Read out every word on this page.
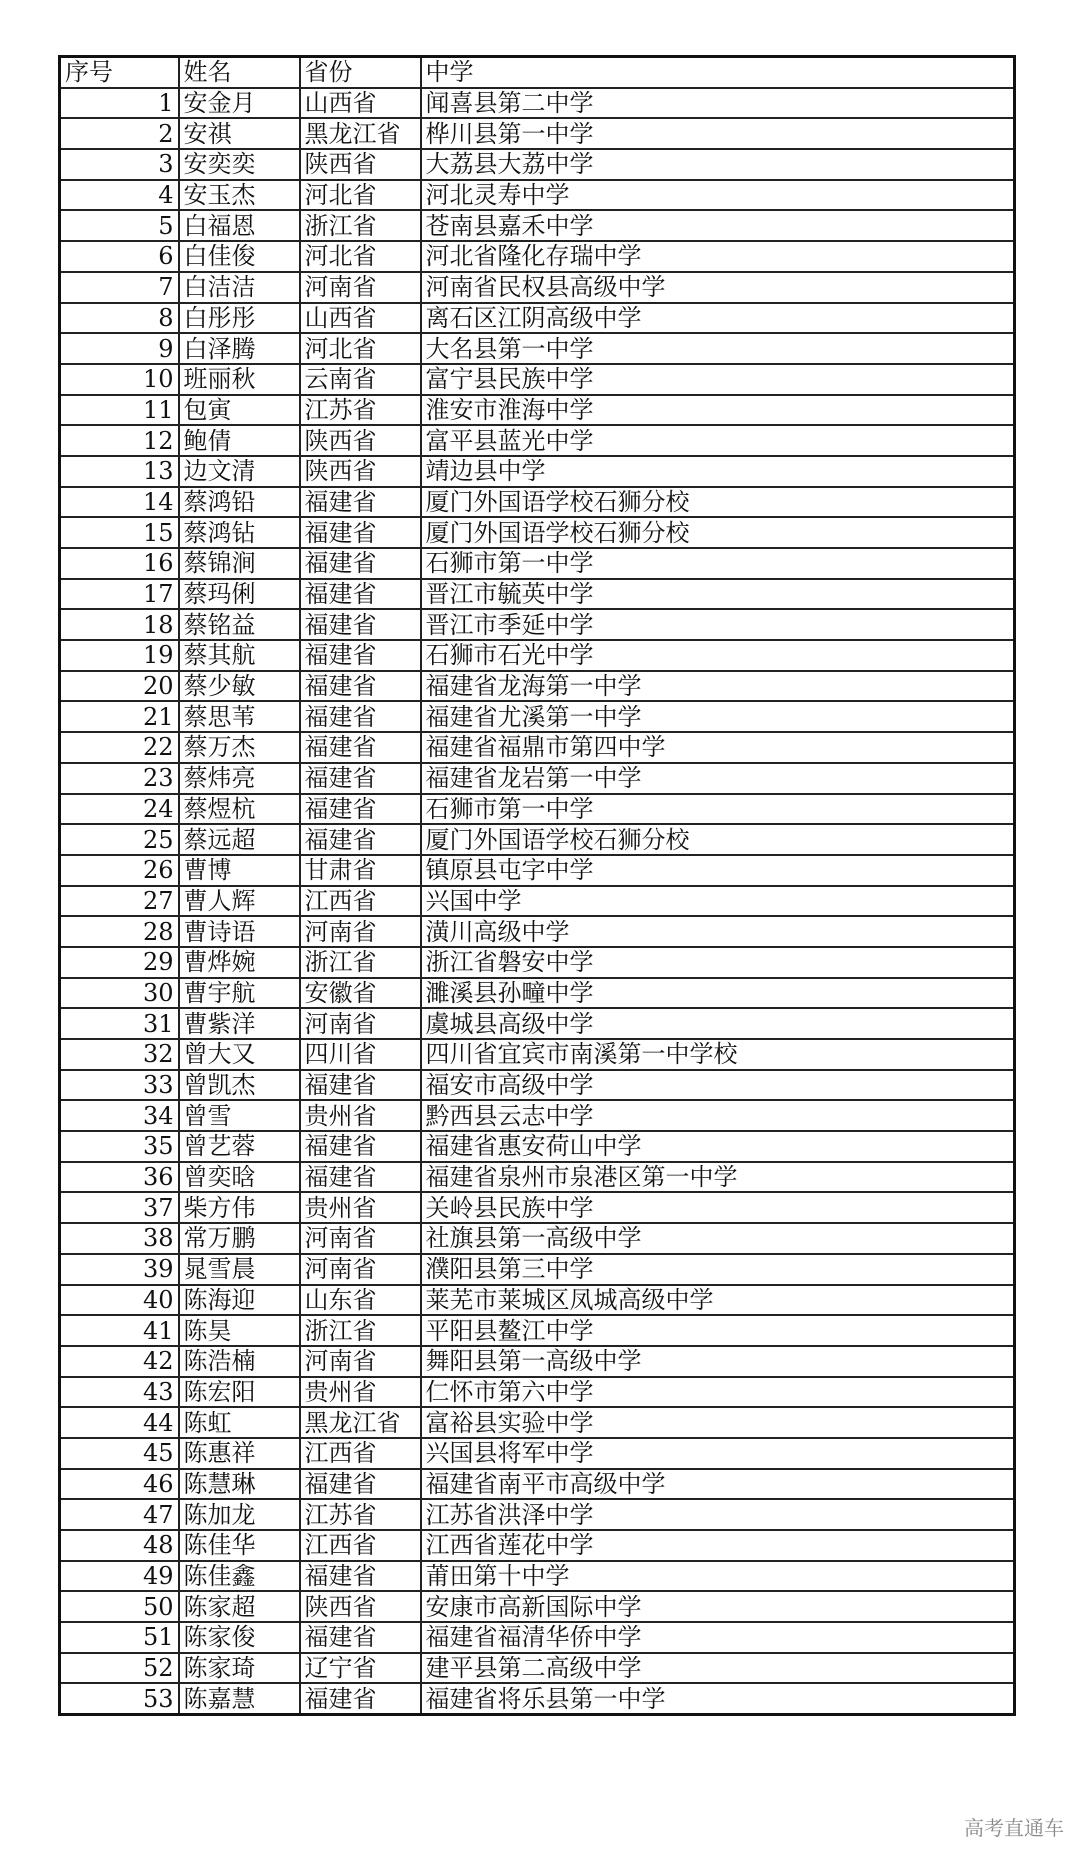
序号	姓名	省份	中学
1	安金月	山西省	闻喜县第二中学
2	安祺	黑龙江省	桦川县第一中学
3	安奕奕	陕西省	大荔县大荔中学
4	安玉杰	河北省	河北灵寿中学
5	白福恩	浙江省	苍南县嘉禾中学
6	白佳俊	河北省	河北省隆化存瑞中学
7	白洁洁	河南省	河南省民权县高级中学
8	白彤彤	山西省	离石区江阴高级中学
9	白泽腾	河北省	大名县第一中学
10	班丽秋	云南省	富宁县民族中学
11	包寅	江苏省	淮安市淮海中学
12	鲍倩	陕西省	富平县蓝光中学
13	边文清	陕西省	靖边县中学
14	蔡鸿铅	福建省	厦门外国语学校石狮分校
15	蔡鸿钻	福建省	厦门外国语学校石狮分校
16	蔡锦涧	福建省	石狮市第一中学
17	蔡玛俐	福建省	晋江市毓英中学
18	蔡铭益	福建省	晋江市季延中学
19	蔡其航	福建省	石狮市石光中学
20	蔡少敏	福建省	福建省龙海第一中学
21	蔡思苇	福建省	福建省尤溪第一中学
22	蔡万杰	福建省	福建省福鼎市第四中学
23	蔡炜亮	福建省	福建省龙岩第一中学
24	蔡煜杭	福建省	石狮市第一中学
25	蔡远超	福建省	厦门外国语学校石狮分校
26	曹博	甘肃省	镇原县屯字中学
27	曹人辉	江西省	兴国中学
28	曹诗语	河南省	潢川高级中学
29	曹烨婉	浙江省	浙江省磐安中学
30	曹宇航	安徽省	濉溪县孙疃中学
31	曹紫洋	河南省	虞城县高级中学
32	曾大又	四川省	四川省宜宾市南溪第一中学校
33	曾凯杰	福建省	福安市高级中学
34	曾雪	贵州省	黔西县云志中学
35	曾艺蓉	福建省	福建省惠安荷山中学
36	曾奕晗	福建省	福建省泉州市泉港区第一中学
37	柴方伟	贵州省	关岭县民族中学
38	常万鹏	河南省	社旗县第一高级中学
39	晁雪晨	河南省	濮阳县第三中学
40	陈海迎	山东省	莱芜市莱城区凤城高级中学
41	陈昊	浙江省	平阳县鳌江中学
42	陈浩楠	河南省	舞阳县第一高级中学
43	陈宏阳	贵州省	仁怀市第六中学
44	陈虹	黑龙江省	富裕县实验中学
45	陈惠祥	江西省	兴国县将军中学
46	陈慧琳	福建省	福建省南平市高级中学
47	陈加龙	江苏省	江苏省洪泽中学
48	陈佳华	江西省	江西省莲花中学
49	陈佳鑫	福建省	莆田第十中学
50	陈家超	陕西省	安康市高新国际中学
51	陈家俊	福建省	福建省福清华侨中学
52	陈家琦	辽宁省	建平县第二高级中学
53	陈嘉慧	福建省	福建省将乐县第一中学
高考直通车
